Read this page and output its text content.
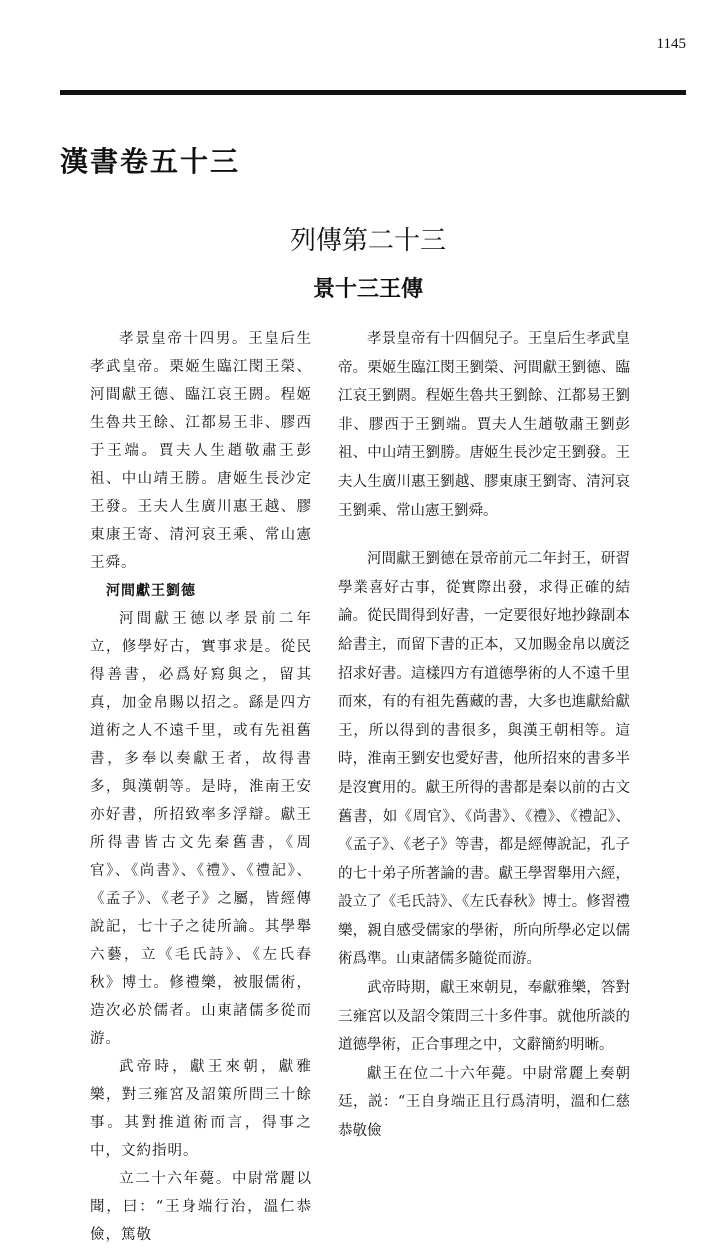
1145
漢書卷五十三
列傳第二十三
景十三王傳

孝景皇帝十四男。王皇后生孝武皇帝。栗姬生臨江閔王榮、河間獻王德、臨江哀王閼。程姬生魯共王餘、江都易王非、膠西于王端。賈夫人生趙敬肅王彭祖、中山靖王勝。唐姬生長沙定王發。王夫人生廣川惠王越、膠東康王寄、清河哀王乘、常山憲王舜。

河間獻王劉德

河間獻王德以孝景前二年立，修學好古，實事求是。從民得善書，必爲好寫與之，留其真，加金帛賜以招之。繇是四方道術之人不遠千里，或有先祖舊書，多奉以奏獻王者，故得書多，與漢朝等。是時，淮南王安亦好書，所招致率多浮辯。獻王所得書皆古文先秦舊書，《周官》、《尚書》、《禮》、《禮記》、《孟子》、《老子》之屬，皆經傳說記，七十子之徒所論。其學舉六藝，立《毛氏詩》、《左氏春秋》博士。修禮樂，被服儒術，造次必於儒者。山東諸儒多從而游。

武帝時，獻王來朝，獻雅樂，對三雍宮及詔策所問三十餘事。其對推道術而言，得事之中，文約指明。

立二十六年薨。中尉常麗以聞，曰：“王身端行治，溫仁恭儉，篤敬

孝景皇帝有十四個兒子。王皇后生孝武皇帝。栗姬生臨江閔王劉榮、河間獻王劉德、臨江哀王劉閼。程姬生魯共王劉餘、江都易王劉非、膠西于王劉端。賈夫人生趙敬肅王劉彭祖、中山靖王劉勝。唐姬生長沙定王劉發。王夫人生廣川惠王劉越、膠東康王劉寄、清河哀王劉乘、常山憲王劉舜。

河間獻王劉德在景帝前元二年封王，研習學業喜好古事，從實際出發，求得正確的結論。從民間得到好書，一定要很好地抄錄副本給書主，而留下書的正本，又加賜金帛以廣泛招求好書。這樣四方有道德學術的人不遠千里而來，有的有祖先舊藏的書，大多也進獻給獻王，所以得到的書很多，與漢王朝相等。這時，淮南王劉安也愛好書，他所招來的書多半是沒實用的。獻王所得的書都是秦以前的古文舊書，如《周官》、《尚書》、《禮》、《禮記》、《孟子》、《老子》等書，都是經傳說記，孔子的七十弟子所著論的書。獻王學習舉用六經，設立了《毛氏詩》、《左氏春秋》博士。修習禮樂，親自感受儒家的學術，所向所學必定以儒術爲準。山東諸儒多隨從而游。

武帝時期，獻王來朝見，奉獻雅樂，答對三雍宮以及詔令策問三十多件事。就他所談的道德學術，正合事理之中，文辭簡約明晰。

獻王在位二十六年薨。中尉常麗上奏朝廷，説：“王自身端正且行爲清明，溫和仁慈恭敬儉
